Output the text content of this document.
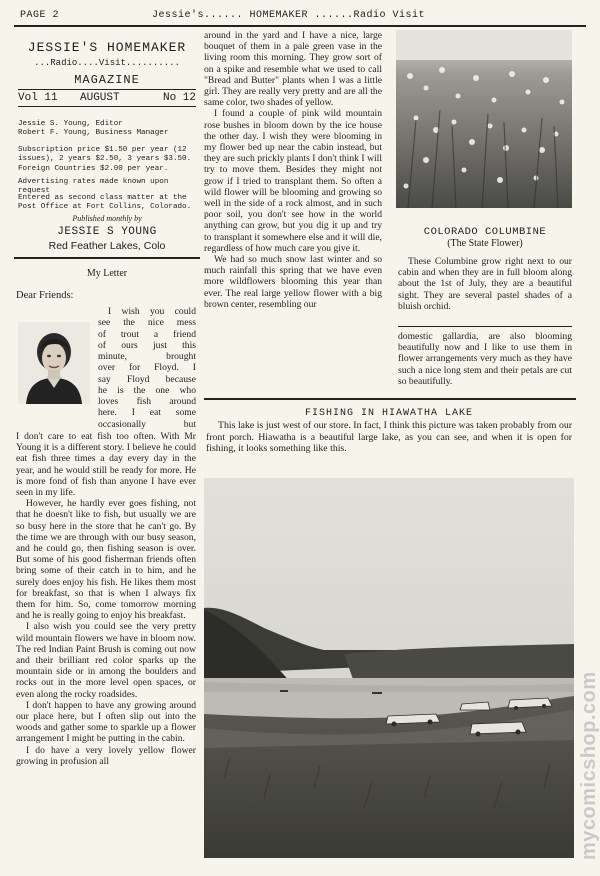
PAGE 2	Jessie's...... HOMEMAKER ......Radio Visit
JESSIE'S HOMEMAKER
...Radio....Visit..........
MAGAZINE
Vol 11 AUGUST	No 12
Jessie S. Young, Editor
Robert F. Young, Business Manager
Subscription price $1.50 per year (12 issues), 2 years $2.50, 3 years $3.50. Foreign Countries $2.00 per year.
Advertising rates made known upon request
Entered as second class matter at the Post Office at Fort Collins, Colorado.
Published monthly by
JESSIE S YOUNG
Red Feather Lakes, Colo
My Letter
Dear Friends:
I wish you could
see the nice mess
of trout a friend
of ours just this
minute, brought
over for Floyd. I
say Floyd because
he is the one who
loves fish around
here. I eat some
occasionally but

I don't care to eat fish too often. With Mr Young it is a different story. I believe he could eat fish three times a day every day in the year, and he would still be ready for more. He is more fond of fish than anyone I have ever seen in my life.

However, he hardly ever goes fishing, not that he doesn't like to fish, but usually we are so busy here in the store that he can't go. By the time we are through with our busy season, and he could go, then fishing season is over. But some of his good fisherman friends often bring some of their catch in to him, and he surely does enjoy his fish. He likes them most for breakfast, so that is when I always fix them for him. So, come tomorrow morning and he is really going to enjoy his breakfast.

I also wish you could see the very pretty wild mountain flowers we have in bloom now. The red Indian Paint Brush is coming out now and their brilliant red color sparks up the mountain side or in among the boulders and rocks out in the more level open spaces, or even along the rocky roadsides.

I don't happen to have any growing around our place here, but I often slip out into the woods and gather some to sparkle up a flower arrangement I might be putting in the cabin.

I do have a very lovely yellow flower growing in profusion all

around in the yard and I have a nice, large bouquet of them in a pale green vase in the living room this morning. They grow sort of on a spike and resemble what we used to call "Bread and Butter" plants when I was a little girl. They are really very pretty and are all the same color, two shades of yellow.

I found a couple of pink wild mountain rose bushes in bloom down by the ice house the other day. I wish they were blooming in my flower bed up near the cabin instead, but they are such prickly plants I don't think I will try to move them. Besides they might not grow if I tried to transplant them. So often a wild flower will be blooming and growing so well in the side of a rock almost, and in such poor soil, you don't see how in the world anything can grow, but you dig it up and try to transplant it somewhere else and it will die, regardless of how much care you give it.

We had so much snow last winter and so much rainfall this spring that we have even more wildflowers blooming this year than ever. The real large yellow flower with a big brown center, resembling our

COLORADO COLUMBINE
(The State Flower)
These Columbine grow right next to our cabin and when they are in full bloom along about the 1st of July, they are a beautiful sight. They are several pastel shades of a bluish orchid.
domestic gallardia, are also blooming beautifully now and I like to use them in flower arrangements very much as they have such a nice long stem and their petals are cut so beautifully.
FISHING IN HIAWATHA LAKE
This lake is just west of our store. In fact, I think this picture was taken probably from our front porch. Hiawatha is a beautiful large lake, as you can see, and when it is open for fishing, it looks something like this.
mycomicshop.com
